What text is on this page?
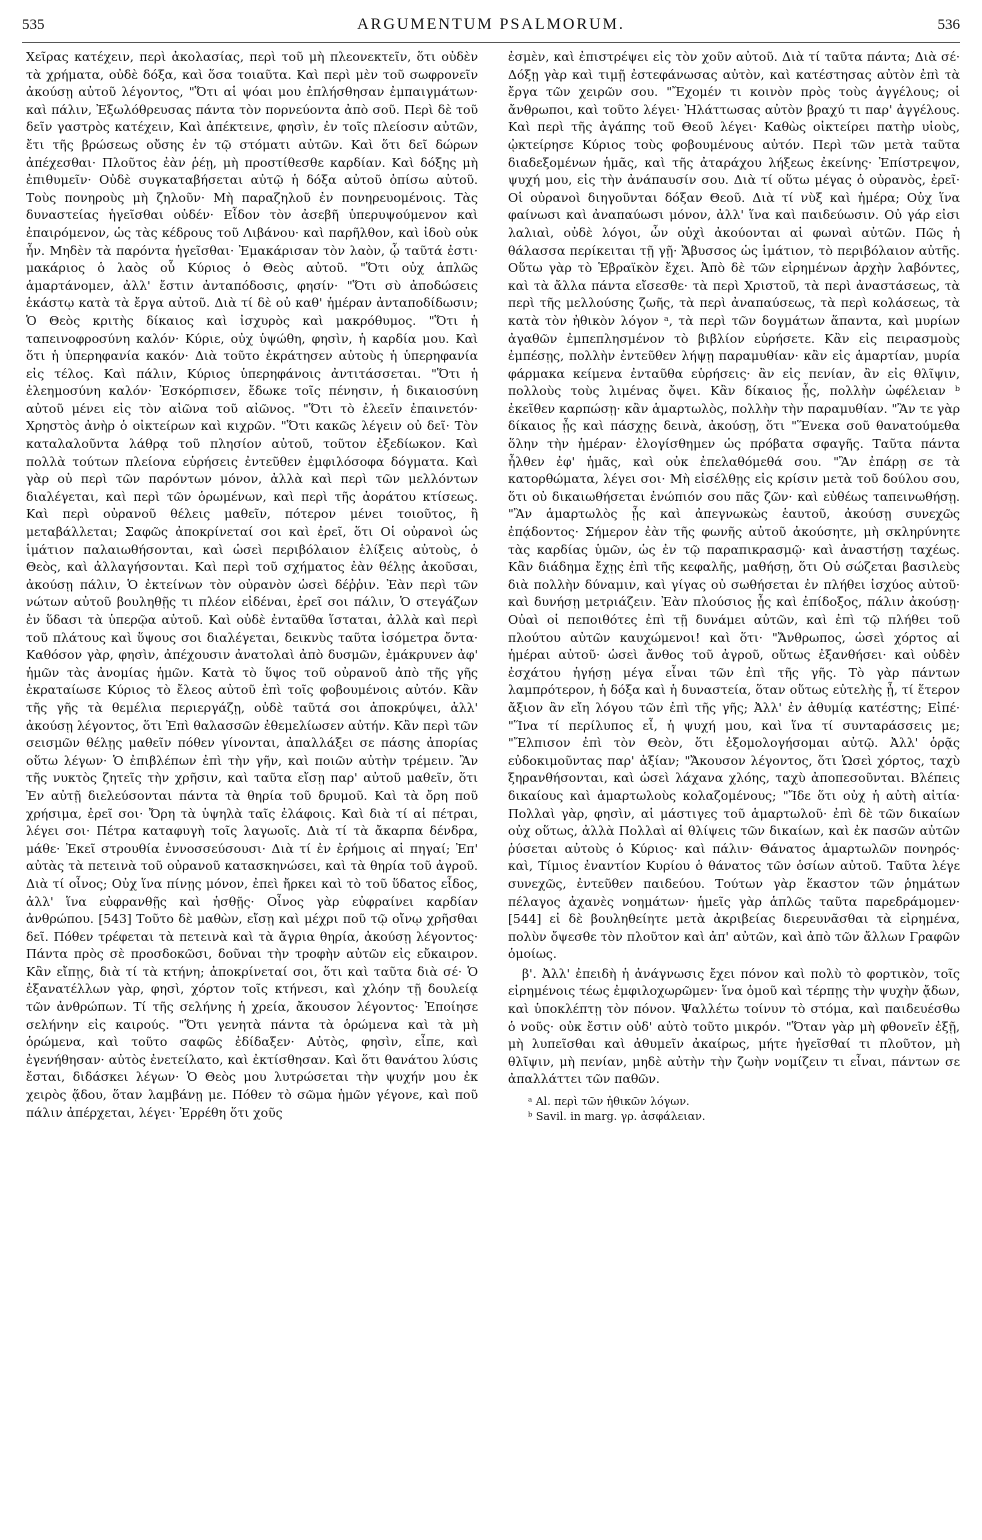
535	ARGUMENTUM PSALMORUM.	536

Χεῖρας κατέχειν, περὶ ἀκολασίας, περὶ τοῦ μὴ πλεονεκτεῖν, ὅτι οὐδὲν τὰ χρήματα, οὐδὲ δόξα, καὶ ὅσα τοιαῦτα. Καὶ περὶ μὲν τοῦ σωφρονεῖν ἀκούσῃ αὐτοῦ λέγοντος, "Ὅτι αἱ ψόαι μου ἐπλήσθησαν ἐμπαιγμάτων· καὶ πάλιν, Ἐξωλόθρευσας πάντα τὸν πορνεύοντα ἀπὸ σοῦ. Περὶ δὲ τοῦ δεῖν γαστρὸς κατέχειν, Καὶ ἀπέκτεινε, φησὶν, ἐν τοῖς πλείοσιν αὐτῶν, ἔτι τῆς βρώσεως οὔσης ἐν τῷ στόματι αὐτῶν. Καὶ ὅτι δεῖ δώρων ἀπέχεσθαι· Πλοῦτος ἐὰν ῥέῃ, μὴ προστίθεσθε καρδίαν. Καὶ δόξης μὴ ἐπιθυμεῖν· Οὐδὲ συγκαταβήσεται αὐτῷ ἡ δόξα αὐτοῦ ὀπίσω αὐτοῦ. Τοὺς πονηροὺς μὴ ζηλοῦν· Μὴ παραζηλοῦ ἐν πονηρευομένοις. Τὰς δυναστείας ἡγεῖσθαι οὐδέν· Εἶδον τὸν ἀσεβῆ ὑπερυψούμενον καὶ ἐπαιρόμενον, ὡς τὰς κέδρους τοῦ Λιβάνου· καὶ παρῆλθον, καὶ ἰδοὺ οὐκ ἦν. Μηδὲν τὰ παρόντα ἡγεῖσθαι· Ἐμακάρισαν τὸν λαὸν, ᾧ ταῦτά ἐστι· μακάριος ὁ λαὸς οὗ Κύριος ὁ Θεὸς αὐτοῦ. "Ὅτι οὐχ ἁπλῶς ἁμαρτάνομεν, ἀλλ' ἔστιν ἀνταπόδοσις, φησίν· "Ὅτι σὺ ἀποδώσεις ἑκάστῳ κατὰ τὰ ἔργα αὐτοῦ. Διὰ τί δὲ οὐ καθ' ἡμέραν ἀνταποδίδωσιν; Ὁ Θεὸς κριτὴς δίκαιος καὶ ἰσχυρὸς καὶ μακρόθυμος. "Ὅτι ἡ ταπεινοφροσύνη καλόν· Κύριε, οὐχ ὑψώθη, φησὶν, ἡ καρδία μου. Καὶ ὅτι ἡ ὑπερηφανία κακόν· Διὰ τοῦτο ἐκράτησεν αὐτοὺς ἡ ὑπερηφανία εἰς τέλος. Καὶ πάλιν, Κύριος ὑπερηφάνοις ἀντιτάσσεται. "Ὅτι ἡ ἐλεημοσύνη καλόν· Ἐσκόρπισεν, ἔδωκε τοῖς πένησιν, ἡ δικαιοσύνη αὐτοῦ μένει εἰς τὸν αἰῶνα τοῦ αἰῶνος. "Ὅτι τὸ ἐλεεῖν ἐπαινετόν· Χρηστὸς ἀνὴρ ὁ οἰκτείρων καὶ κιχρῶν. "Ὅτι κακῶς λέγειν οὐ δεῖ· Τὸν καταλαλοῦντα λάθρᾳ τοῦ πλησίον αὐτοῦ, τοῦτον ἐξεδίωκον. Καὶ πολλὰ τούτων πλείονα εὑρήσεις ἐντεῦθεν ἐμφιλόσοφα δόγματα. Καὶ γὰρ οὐ περὶ τῶν παρόντων μόνον, ἀλλὰ καὶ περὶ τῶν μελλόντων διαλέγεται, καὶ περὶ τῶν ὁρωμένων, καὶ περὶ τῆς ἀοράτου κτίσεως. Καὶ περὶ οὐρανοῦ θέλεις μαθεῖν, πότερον μένει τοιοῦτος, ἢ μεταβάλλεται; Σαφῶς ἀποκρίνεταί σοι καὶ ἐρεῖ, ὅτι Οἱ οὐρανοὶ ὡς ἱμάτιον παλαιωθήσονται, καὶ ὡσεὶ περιβόλαιον ἑλίξεις αὐτοὺς, ὁ Θεὸς, καὶ ἀλλαγήσονται. Καὶ περὶ τοῦ σχήματος ἐὰν θέλῃς ἀκοῦσαι, ἀκούσῃ πάλιν, Ὁ ἐκτείνων τὸν οὐρανὸν ὡσεὶ δέῤῥιν. Ἐὰν περὶ τῶν νώτων αὐτοῦ βουληθῇς τι πλέον εἰδέναι, ἐρεῖ σοι πάλιν, Ὁ στεγάζων ἐν ὕδασι τὰ ὑπερῷα αὐτοῦ. Καὶ οὐδὲ ἐνταῦθα ἵσταται, ἀλλὰ καὶ περὶ τοῦ πλάτους καὶ ὕψους σοι διαλέγεται, δεικνὺς ταῦτα ἰσόμετρα ὄντα· Καθόσον γὰρ, φησὶν, ἀπέχουσιν ἀνατολαὶ ἀπὸ δυσμῶν, ἐμάκρυνεν ἀφ' ἡμῶν τὰς ἀνομίας ἡμῶν. Κατὰ τὸ ὕψος τοῦ οὐρανοῦ ἀπὸ τῆς γῆς ἐκραταίωσε Κύριος τὸ ἔλεος αὐτοῦ ἐπὶ τοῖς φοβουμένοις αὐτόν. Κἂν τῆς γῆς τὰ θεμέλια περιεργάζῃ, οὐδὲ ταῦτά σοι ἀποκρύψει, ἀλλ' ἀκούσῃ λέγοντος, ὅτι Ἐπὶ θαλασσῶν ἐθεμελίωσεν αὐτήν. Κἂν περὶ τῶν σεισμῶν θέλῃς μαθεῖν πόθεν γίνονται, ἀπαλλάξει σε πάσης ἀπορίας οὕτω λέγων· Ὁ ἐπιβλέπων ἐπὶ τὴν γῆν, καὶ ποιῶν αὐτὴν τρέμειν. Ἂν τῆς νυκτὸς ζητεῖς τὴν χρῆσιν, καὶ ταῦτα εἴσῃ παρ' αὐτοῦ μαθεῖν, ὅτι Ἐν αὐτῇ διελεύσονται πάντα τὰ θηρία τοῦ δρυμοῦ. Καὶ τὰ ὄρη ποῦ χρήσιμα, ἐρεῖ σοι· Ὄρη τὰ ὑψηλὰ ταῖς ἐλάφοις. Καὶ διὰ τί αἱ πέτραι, λέγει σοι· Πέτρα καταφυγὴ τοῖς λαγωοῖς. Διὰ τί τὰ ἄκαρπα δένδρα, μάθε· Ἐκεῖ στρουθία ἐννοσσεύσουσι· Διὰ τί ἐν ἐρήμοις αἱ πηγαί; Ἐπ' αὐτὰς τὰ πετεινὰ τοῦ οὐρανοῦ κατασκηνώσει, καὶ τὰ θηρία τοῦ ἀγροῦ. Διὰ τί οἶνος; Οὐχ ἵνα πίνῃς μόνον, ἐπεὶ ἤρκει καὶ τὸ τοῦ ὕδατος εἶδος, ἀλλ' ἵνα εὐφρανθῇς καὶ ἡσθῇς· Οἶνος γὰρ εὐφραίνει καρδίαν ἀνθρώπου. [543] Τοῦτο δὲ μαθὼν, εἴσῃ καὶ μέχρι ποῦ τῷ οἴνῳ χρῆσθαι δεῖ. Πόθεν τρέφεται τὰ πετεινὰ καὶ τὰ ἄγρια θηρία, ἀκούσῃ λέγοντος· Πάντα πρὸς σὲ προσδοκῶσι, δοῦναι τὴν τροφὴν αὐτῶν εἰς εὔκαιρον. Κἂν εἴπῃς, διὰ τί τὰ κτήνη; ἀποκρίνεταί σοι, ὅτι καὶ ταῦτα διὰ σέ· Ὁ ἐξανατέλλων γὰρ, φησὶ, χόρτον τοῖς κτήνεσι, καὶ χλόην τῇ δουλείᾳ τῶν ἀνθρώπων. Τί τῆς σελήνης ἡ χρεία, ἄκουσον λέγοντος· Ἐποίησε σελήνην εἰς καιρούς. "Ὅτι γενητὰ πάντα τὰ ὁρώμενα καὶ τὰ μὴ ὁρώμενα, καὶ τοῦτο σαφῶς ἐδίδαξεν· Αὐτὸς, φησὶν, εἶπε, καὶ ἐγενήθησαν· αὐτὸς ἐνετείλατο, καὶ ἐκτίσθησαν. Καὶ ὅτι θανάτου λύσις ἔσται, διδάσκει λέγων· Ὁ Θεὸς μου λυτρώσεται τὴν ψυχήν μου ἐκ χειρὸς ᾅδου, ὅταν λαμβάνῃ με. Πόθεν τὸ σῶμα ἡμῶν γέγονε, καὶ ποῦ πάλιν ἀπέρχεται, λέγει· Ἐρρέθη ὅτι χοῦς

ἐσμὲν, καὶ ἐπιστρέψει εἰς τὸν χοῦν αὐτοῦ. Διὰ τί ταῦτα πάντα; Διὰ σέ· Δόξῃ γὰρ καὶ τιμῇ ἐστεφάνωσας αὐτὸν, καὶ κατέστησας αὐτὸν ἐπὶ τὰ ἔργα τῶν χειρῶν σου. "Ἔχομέν τι κοινὸν πρὸς τοὺς ἀγγέλους; οἱ ἄνθρωποι, καὶ τοῦτο λέγει· Ἠλάττωσας αὐτὸν βραχύ τι παρ' ἀγγέλους. Καὶ περὶ τῆς ἀγάπης τοῦ Θεοῦ λέγει· Καθὼς οἰκτείρει πατὴρ υἱοὺς, ᾠκτείρησε Κύριος τοὺς φοβουμένους αὐτόν. Περὶ τῶν μετὰ ταῦτα διαδεξομένων ἡμᾶς, καὶ τῆς ἀταράχου λήξεως ἐκείνης· Ἐπίστρεψον, ψυχή μου, εἰς τὴν ἀνάπαυσίν σου. Διὰ τί οὕτω μέγας ὁ οὐρανὸς, ἐρεῖ· Οἱ οὐρανοὶ διηγοῦνται δόξαν Θεοῦ. Διὰ τί νὺξ καὶ ἡμέρα; Οὐχ ἵνα φαίνωσι καὶ ἀναπαύωσι μόνον, ἀλλ' ἵνα καὶ παιδεύωσιν. Οὐ γάρ εἰσι λαλιαὶ, οὐδὲ λόγοι, ὧν οὐχὶ ἀκούονται αἱ φωναὶ αὐτῶν. Πῶς ἡ θάλασσα περίκειται τῇ γῇ· Ἄβυσσος ὡς ἱμάτιον, τὸ περιβόλαιον αὐτῆς. Οὕτω γὰρ τὸ Ἑβραϊκὸν ἔχει. Ἀπὸ δὲ τῶν εἰρημένων ἀρχὴν λαβόντες, καὶ τὰ ἄλλα πάντα εἴσεσθε· τὰ περὶ Χριστοῦ, τὰ περὶ ἀναστάσεως, τὰ περὶ τῆς μελλούσης ζωῆς, τὰ περὶ ἀναπαύσεως, τὰ περὶ κολάσεως, τὰ κατὰ τὸν ἠθικὸν λόγον ᵃ, τὰ περὶ τῶν δογμάτων ἅπαντα, καὶ μυρίων ἀγαθῶν ἐμπεπλησμένον τὸ βιβλίον εὑρήσετε. Κἂν εἰς πειρασμοὺς ἐμπέσῃς, πολλὴν ἐντεῦθεν λήψῃ παραμυθίαν· κἂν εἰς ἁμαρτίαν, μυρία φάρμακα κείμενα ἐνταῦθα εὑρήσεις· ἂν εἰς πενίαν, ἂν εἰς θλῖψιν, πολλοὺς τοὺς λιμένας ὄψει. Κἂν δίκαιος ᾖς, πολλὴν ὠφέλειαν ᵇ ἐκεῖθεν καρπώσῃ· κἂν ἁμαρτωλὸς, πολλὴν τὴν παραμυθίαν. "Ἂν τε γὰρ δίκαιος ᾖς καὶ πάσχῃς δεινὰ, ἀκούσῃ, ὅτι "Ἕνεκα σοῦ θανατούμεθα ὅλην τὴν ἡμέραν· ἐλογίσθημεν ὡς πρόβατα σφαγῆς. Ταῦτα πάντα ἦλθεν ἐφ' ἡμᾶς, καὶ οὐκ ἐπελαθόμεθά σου. "Ἂν ἐπάρῃ σε τὰ κατορθώματα, λέγει σοι· Μὴ εἰσέλθῃς εἰς κρίσιν μετὰ τοῦ δούλου σου, ὅτι οὐ δικαιωθήσεται ἐνώπιόν σου πᾶς ζῶν· καὶ εὐθέως ταπεινωθήσῃ. "Ἂν ἁμαρτωλὸς ᾖς καὶ ἀπεγνωκὼς ἑαυτοῦ, ἀκούσῃ συνεχῶς ἐπᾴδοντος· Σήμερον ἐὰν τῆς φωνῆς αὐτοῦ ἀκούσητε, μὴ σκληρύνητε τὰς καρδίας ὑμῶν, ὡς ἐν τῷ παραπικρασμῷ· καὶ ἀναστήσῃ ταχέως. Κἂν διάδημα ἔχῃς ἐπὶ τῆς κεφαλῆς, μαθήσῃ, ὅτι Οὐ σώζεται βασιλεὺς διὰ πολλὴν δύναμιν, καὶ γίγας οὐ σωθήσεται ἐν πλήθει ἰσχύος αὐτοῦ· καὶ δυνήσῃ μετριάζειν. Ἐὰν πλούσιος ᾖς καὶ ἐπίδοξος, πάλιν ἀκούσῃ· Οὐαὶ οἱ πεποιθότες ἐπὶ τῇ δυνάμει αὐτῶν, καὶ ἐπὶ τῷ πλήθει τοῦ πλούτου αὐτῶν καυχώμενοι! καὶ ὅτι· "Ἄνθρωπος, ὡσεὶ χόρτος αἱ ἡμέραι αὐτοῦ· ὡσεὶ ἄνθος τοῦ ἀγροῦ, οὕτως ἐξανθήσει· καὶ οὐδὲν ἐσχάτου ἡγήσῃ μέγα εἶναι τῶν ἐπὶ τῆς γῆς. Τὸ γὰρ πάντων λαμπρότερον, ἡ δόξα καὶ ἡ δυναστεία, ὅταν οὕτως εὐτελὴς ᾖ, τί ἕτερον ἄξιον ἂν εἴη λόγου τῶν ἐπὶ τῆς γῆς; Ἀλλ' ἐν ἀθυμίᾳ κατέστης; Εἰπέ· "Ἵνα τί περίλυπος εἶ, ἡ ψυχή μου, καὶ ἵνα τί συνταράσσεις με; "Ἔλπισον ἐπὶ τὸν Θεὸν, ὅτι ἐξομολογήσομαι αὐτῷ. Ἀλλ' ὁρᾷς εὐδοκιμοῦντας παρ' ἀξίαν; "Ἄκουσον λέγοντος, ὅτι Ὡσεὶ χόρτος, ταχὺ ξηρανθήσονται, καὶ ὡσεὶ λάχανα χλόης, ταχὺ ἀποπεσοῦνται. Βλέπεις δικαίους καὶ ἁμαρτωλοὺς κολαζομένους; "Ἴδε ὅτι οὐχ ἡ αὐτὴ αἰτία· Πολλαὶ γὰρ, φησὶν, αἱ μάστιγες τοῦ ἁμαρτωλοῦ· ἐπὶ δὲ τῶν δικαίων οὐχ οὕτως, ἀλλὰ Πολλαὶ αἱ θλίψεις τῶν δικαίων, καὶ ἐκ πασῶν αὐτῶν ῥύσεται αὐτοὺς ὁ Κύριος· καὶ πάλιν· Θάνατος ἁμαρτωλῶν πονηρός· καὶ, Τίμιος ἐναντίον Κυρίου ὁ θάνατος τῶν ὁσίων αὐτοῦ. Ταῦτα λέγε συνεχῶς, ἐντεῦθεν παιδεύου. Τούτων γὰρ ἕκαστον τῶν ῥημάτων πέλαγος ἀχανὲς νοημάτων· ἡμεῖς γὰρ ἁπλῶς ταῦτα παρεδράμομεν· [544] εἰ δὲ βουληθείητε μετὰ ἀκριβείας διερευνᾶσθαι τὰ εἰρημένα, πολὺν ὄψεσθε τὸν πλοῦτον καὶ ἀπ' αὐτῶν, καὶ ἀπὸ τῶν ἄλλων Γραφῶν ὁμοίως.

β'. Ἀλλ' ἐπειδὴ ἡ ἀνάγνωσις ἔχει πόνον καὶ πολὺ τὸ φορτικὸν, τοῖς εἰρημένοις τέως ἐμφιλοχωρῶμεν· ἵνα ὁμοῦ καὶ τέρπῃς τὴν ψυχὴν ᾄδων, καὶ ὑποκλέπτῃ τὸν πόνον. Ψαλλέτω τοίνυν τὸ στόμα, καὶ παιδευέσθω ὁ νοῦς· οὐκ ἔστιν οὐδ' αὐτὸ τοῦτο μικρόν. "Ὅταν γὰρ μὴ φθονεῖν ἐξῇ, μὴ λυπεῖσθαι καὶ ἀθυμεῖν ἀκαίρως, μήτε ἡγεῖσθαί τι πλοῦτον, μὴ θλῖψιν, μὴ πενίαν, μηδὲ αὐτὴν τὴν ζωὴν νομίζειν τι εἶναι, πάντων σε ἀπαλλάττει τῶν παθῶν.

ᵃ Al. περὶ τῶν ἠθικῶν λόγων.
ᵇ Savil. in marg. γρ. ἀσφάλειαν.
